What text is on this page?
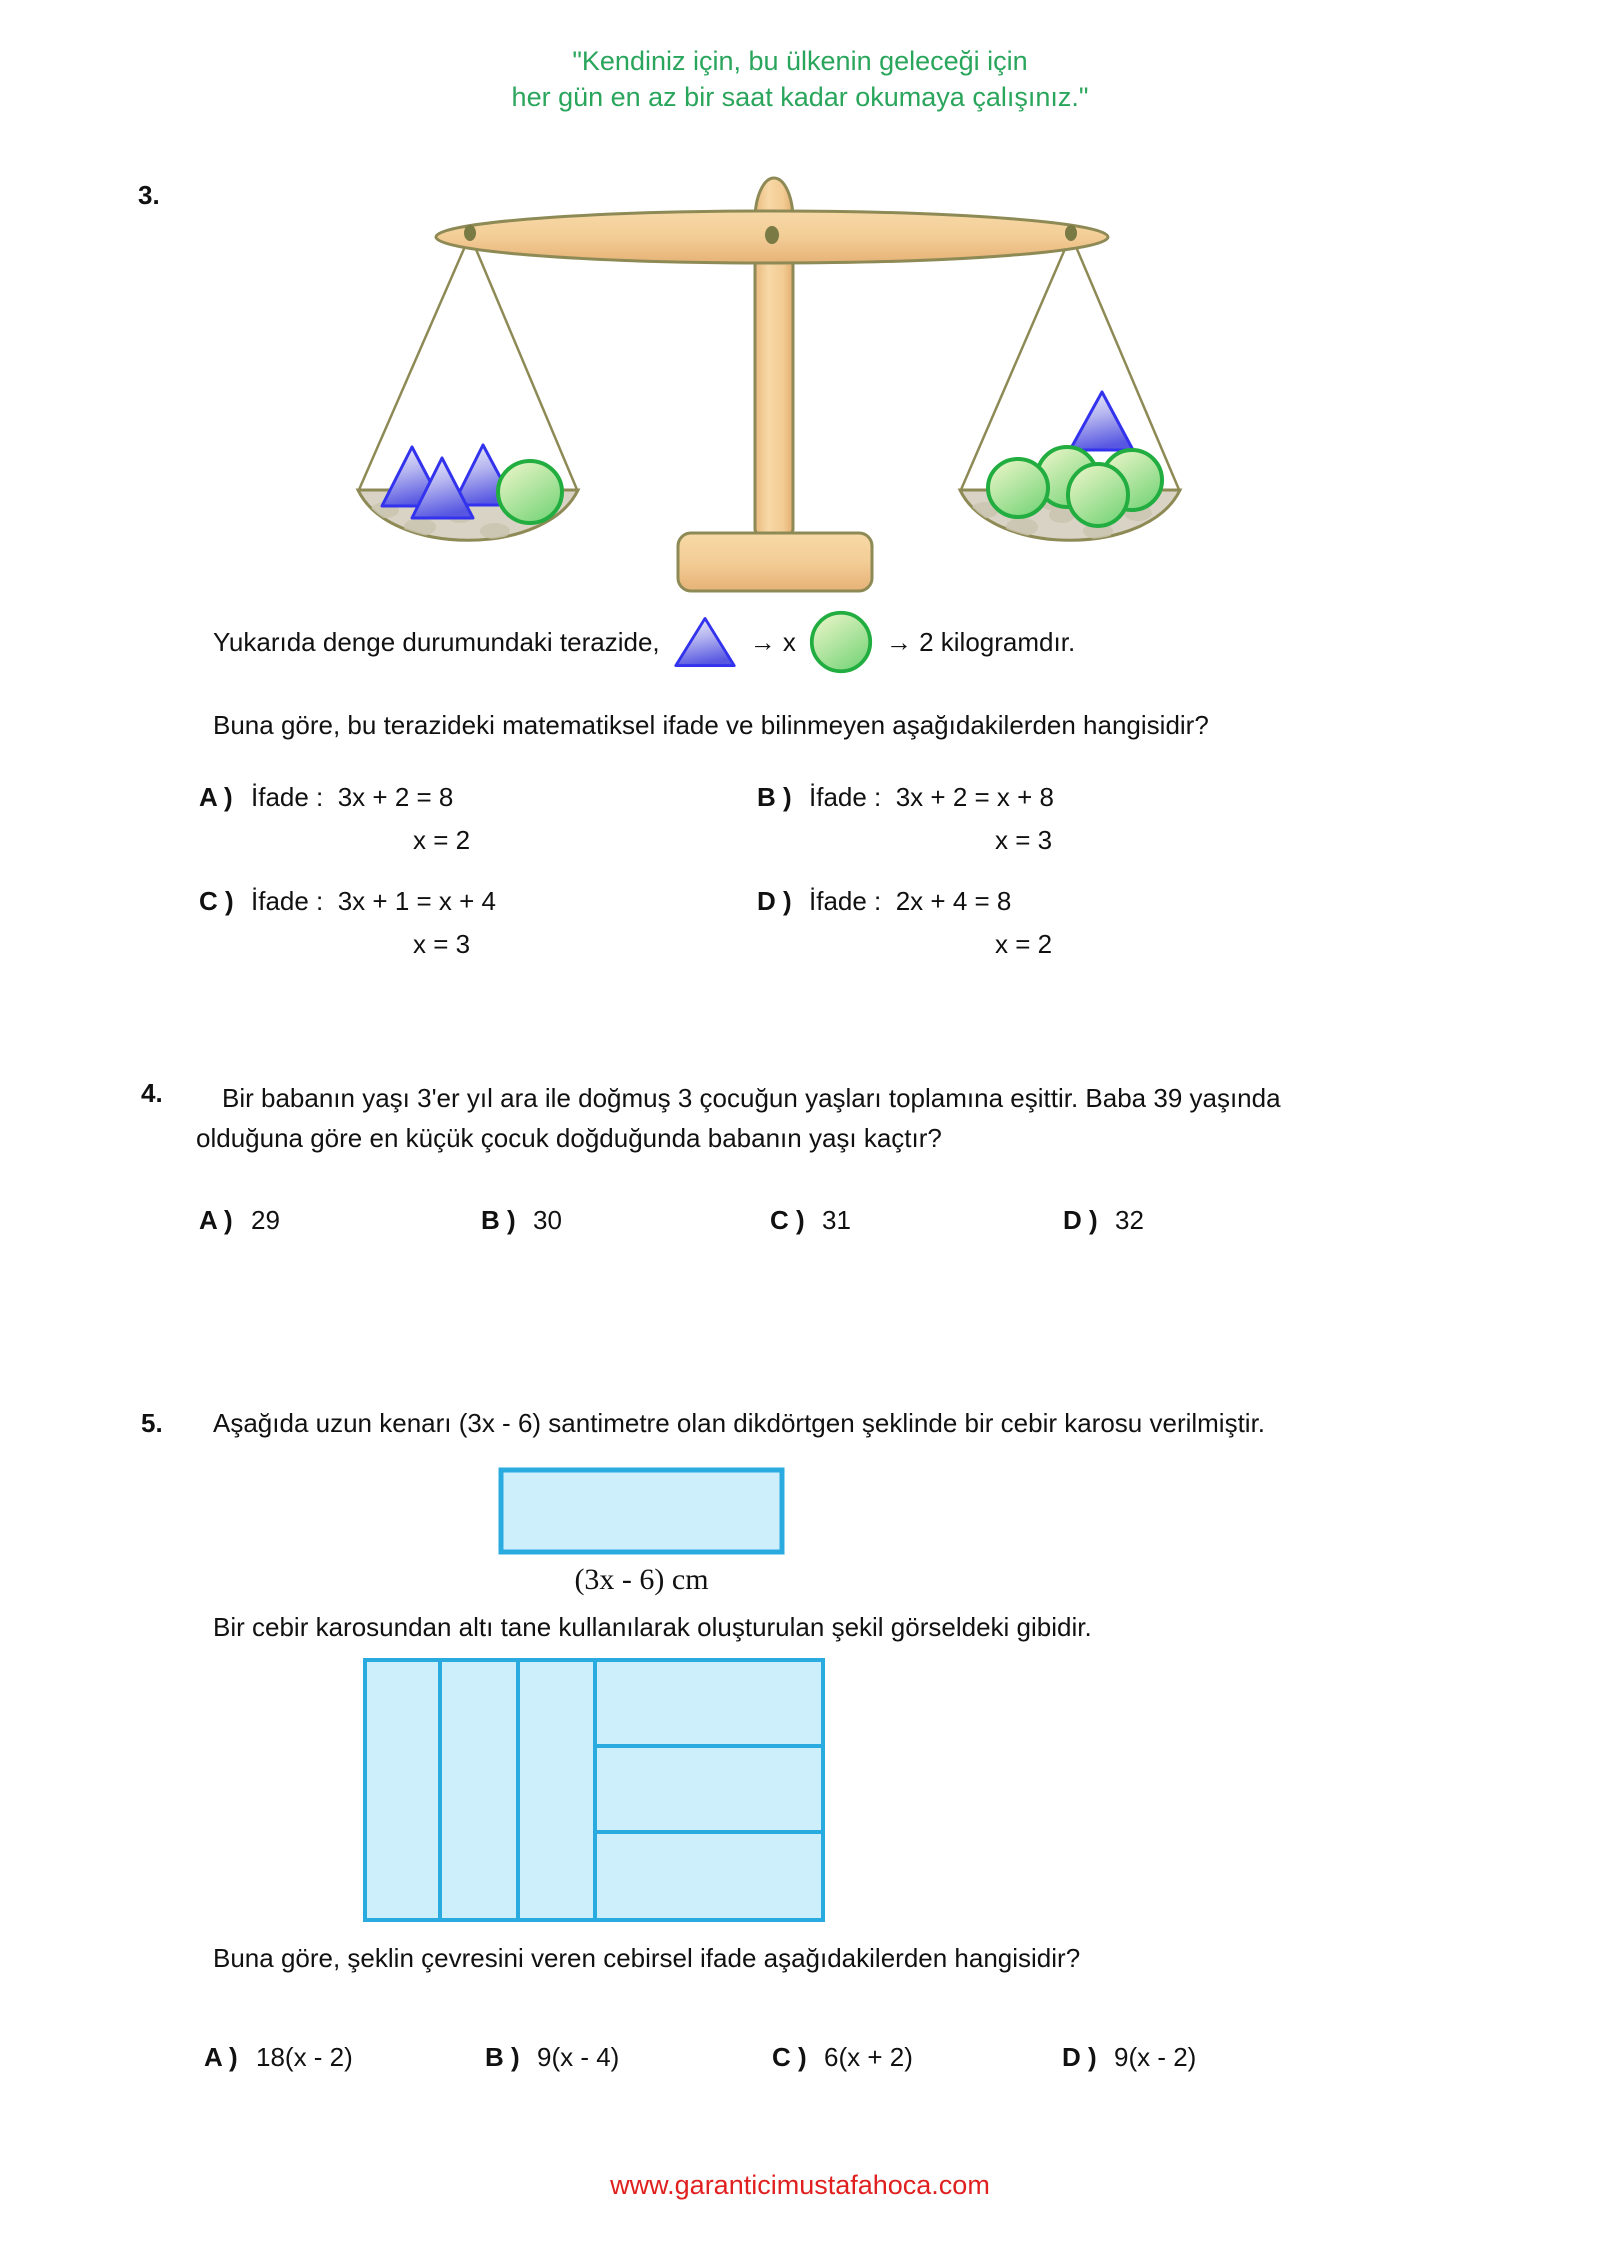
"Kendiniz için, bu ülkenin geleceği için
her gün en az bir saat kadar okumaya çalışınız."
3.
Yukarıda denge durumundaki terazide,	→ x	→ 2 kilogramdır.
Buna göre, bu terazideki matematiksel ifade ve bilinmeyen aşağıdakilerden hangisidir?
A ) İfade :  3x + 2 = 8
x = 2
B ) İfade :  3x + 2 = x + 8
x = 3
C ) İfade :  3x + 1 = x + 4
x = 3
D ) İfade :  2x + 4 = 8
x = 2
4.	Bir babanın yaşı 3'er yıl ara ile doğmuş 3 çocuğun yaşları toplamına eşittir. Baba 39 yaşında olduğuna göre en küçük çocuk doğduğunda babanın yaşı kaçtır?
A ) 29	B ) 30	C ) 31	D ) 32
5. Aşağıda uzun kenarı (3x - 6) santimetre olan dikdörtgen şeklinde bir cebir karosu verilmiştir.
(3x - 6) cm
Bir cebir karosundan altı tane kullanılarak oluşturulan şekil görseldeki gibidir.
Buna göre, şeklin çevresini veren cebirsel ifade aşağıdakilerden hangisidir?
A ) 18(x - 2)	B ) 9(x - 4)	C ) 6(x + 2)	D ) 9(x - 2)
www.garanticimustafahoca.com
